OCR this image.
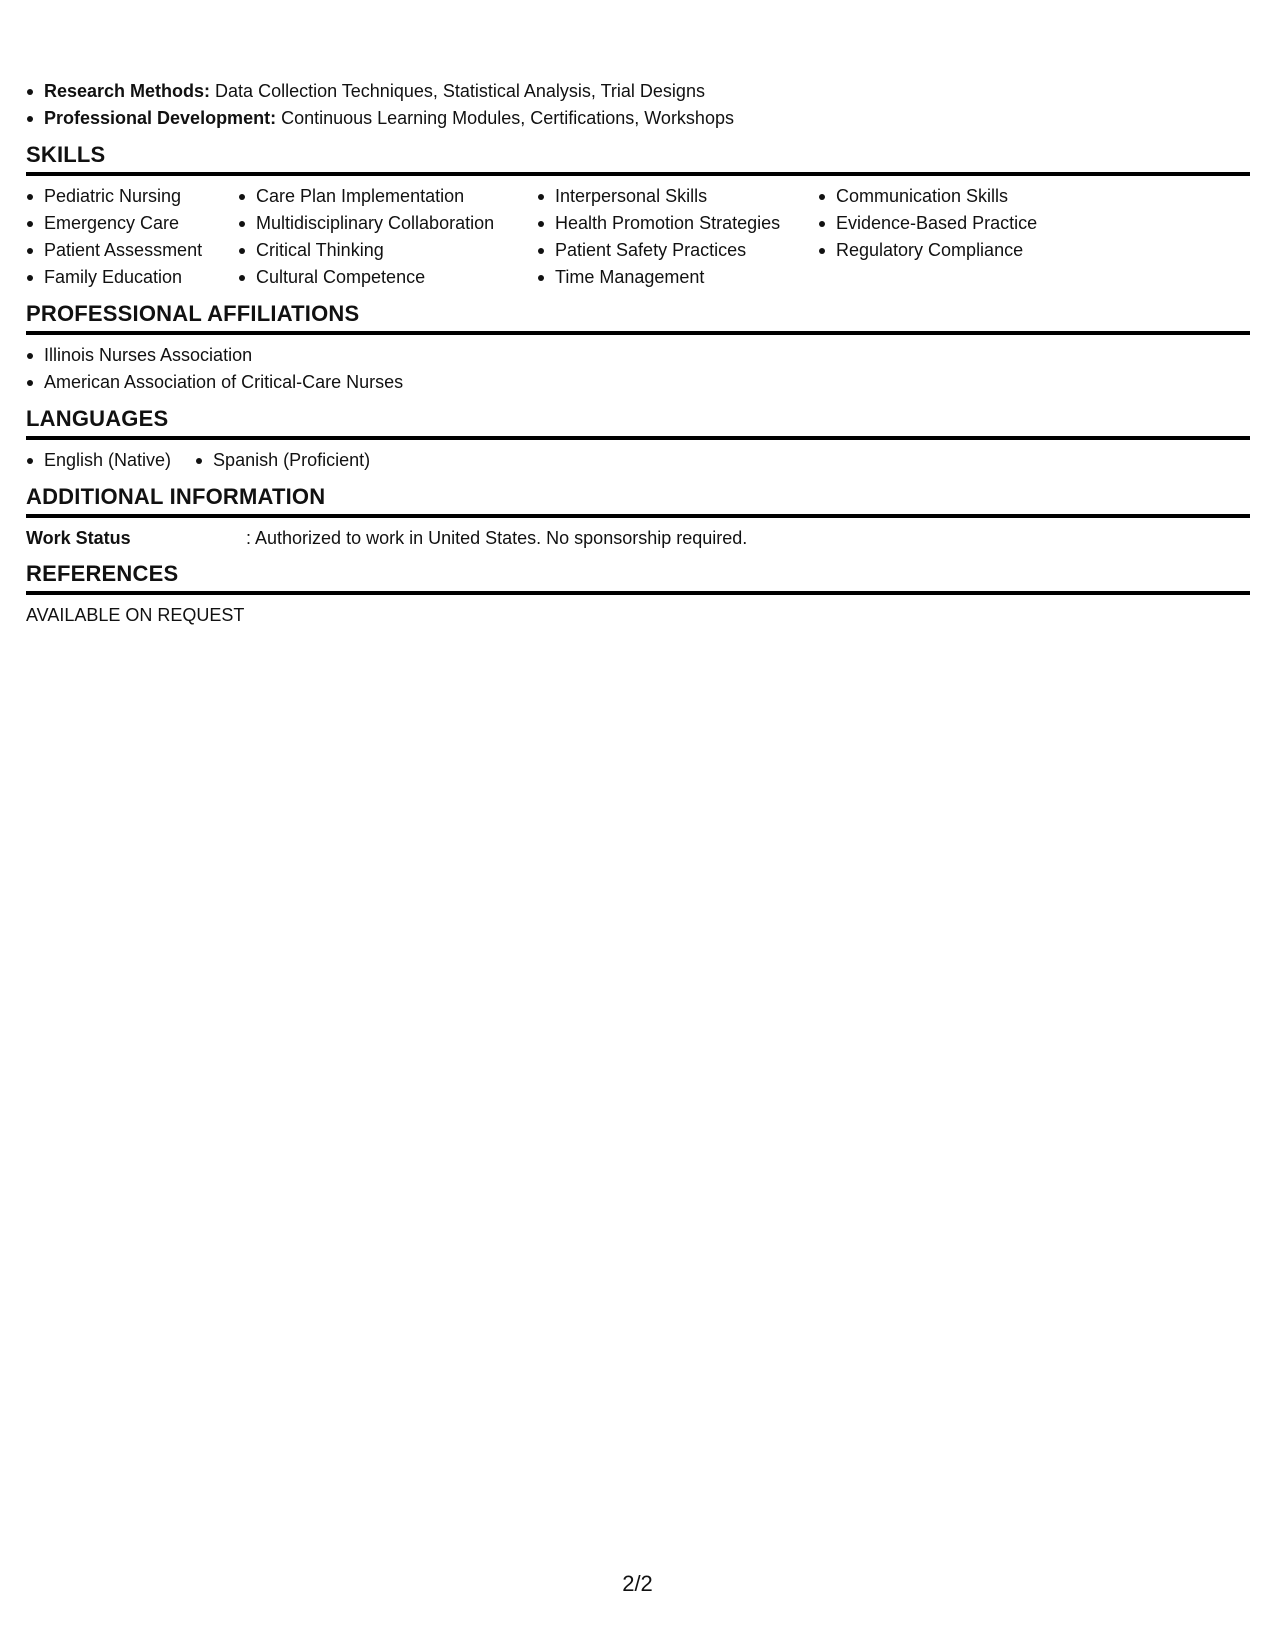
Research Methods: Data Collection Techniques, Statistical Analysis, Trial Designs
Professional Development: Continuous Learning Modules, Certifications, Workshops
SKILLS
Pediatric Nursing
Emergency Care
Patient Assessment
Family Education
Care Plan Implementation
Multidisciplinary Collaboration
Critical Thinking
Cultural Competence
Interpersonal Skills
Health Promotion Strategies
Patient Safety Practices
Time Management
Communication Skills
Evidence-Based Practice
Regulatory Compliance
PROFESSIONAL AFFILIATIONS
Illinois Nurses Association
American Association of Critical-Care Nurses
LANGUAGES
English (Native)	Spanish (Proficient)
ADDITIONAL INFORMATION
Work Status	: Authorized to work in United States. No sponsorship required.
REFERENCES
AVAILABLE ON REQUEST
2/2
